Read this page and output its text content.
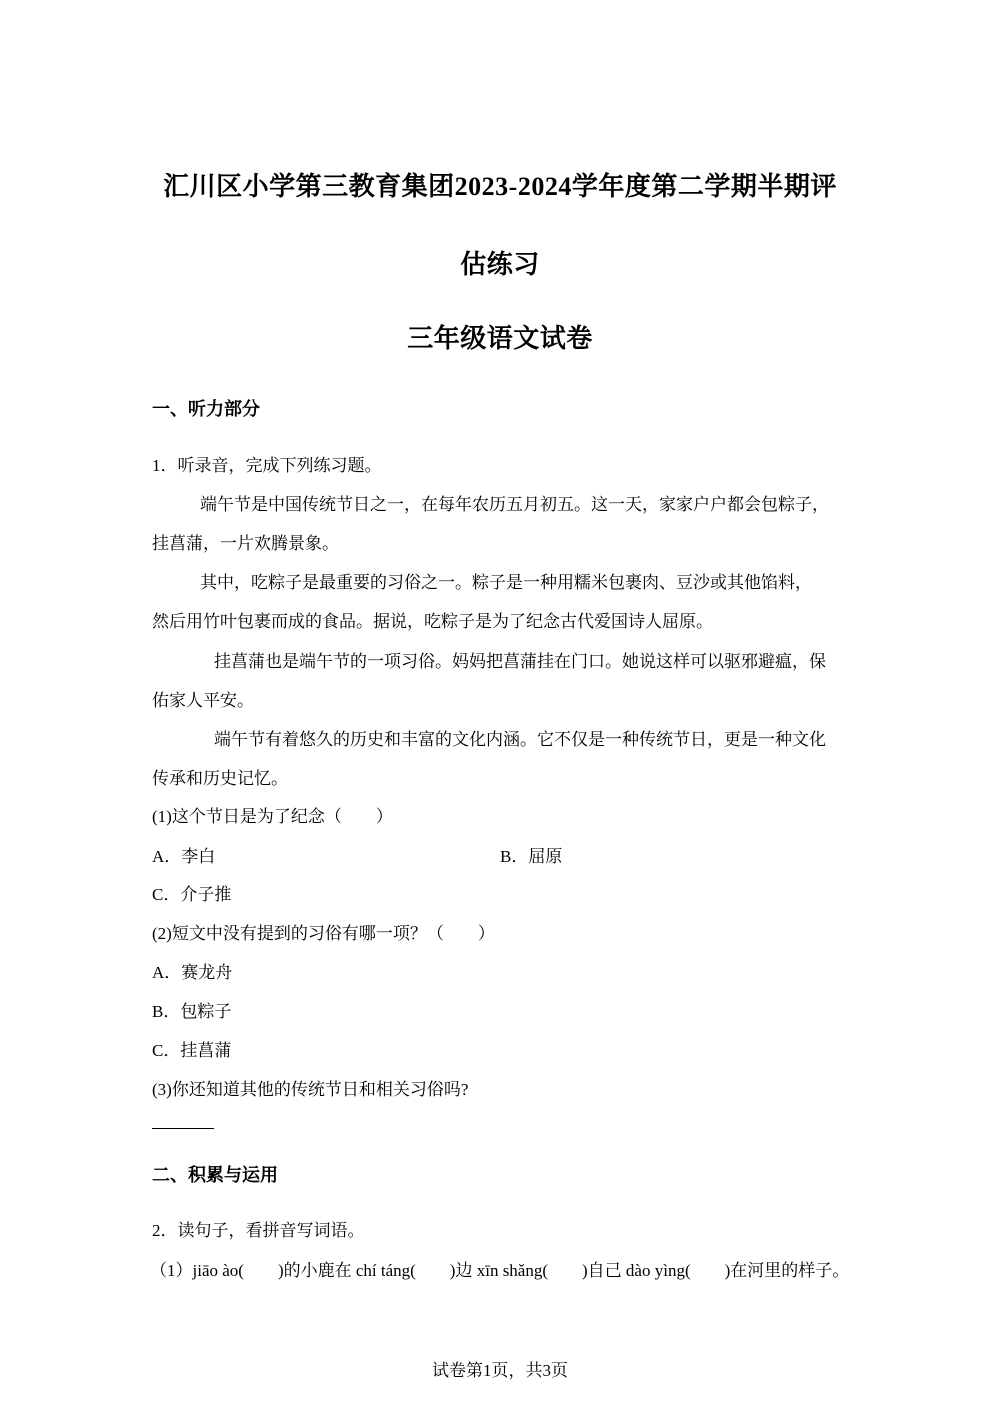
汇川区小学第三教育集团2023-2024学年度第二学期半期评
估练习
三年级语文试卷
一、听力部分
1．听录音，完成下列练习题。
端午节是中国传统节日之一，在每年农历五月初五。这一天，家家户户都会包粽子，
挂菖蒲，一片欢腾景象。
其中，吃粽子是最重要的习俗之一。粽子是一种用糯米包裹肉、豆沙或其他馅料，
然后用竹叶包裹而成的食品。据说，吃粽子是为了纪念古代爱国诗人屈原。
挂菖蒲也是端午节的一项习俗。妈妈把菖蒲挂在门口。她说这样可以驱邪避瘟，保
佑家人平安。
端午节有着悠久的历史和丰富的文化内涵。它不仅是一种传统节日，更是一种文化
传承和历史记忆。
(1)这个节日是为了纪念（　　）
A．李白	B．屈原
C．介子推
(2)短文中没有提到的习俗有哪一项？（　　）
A．赛龙舟
B．包粽子
C．挂菖蒲
(3)你还知道其他的传统节日和相关习俗吗?
二、积累与运用
2．读句子，看拼音写词语。
（1）jiāo ào(　　)的小鹿在 chí táng(　　)边 xīn shǎng(　　)自己 dào yìng(　　)在河里的样子。
试卷第1页，共3页
